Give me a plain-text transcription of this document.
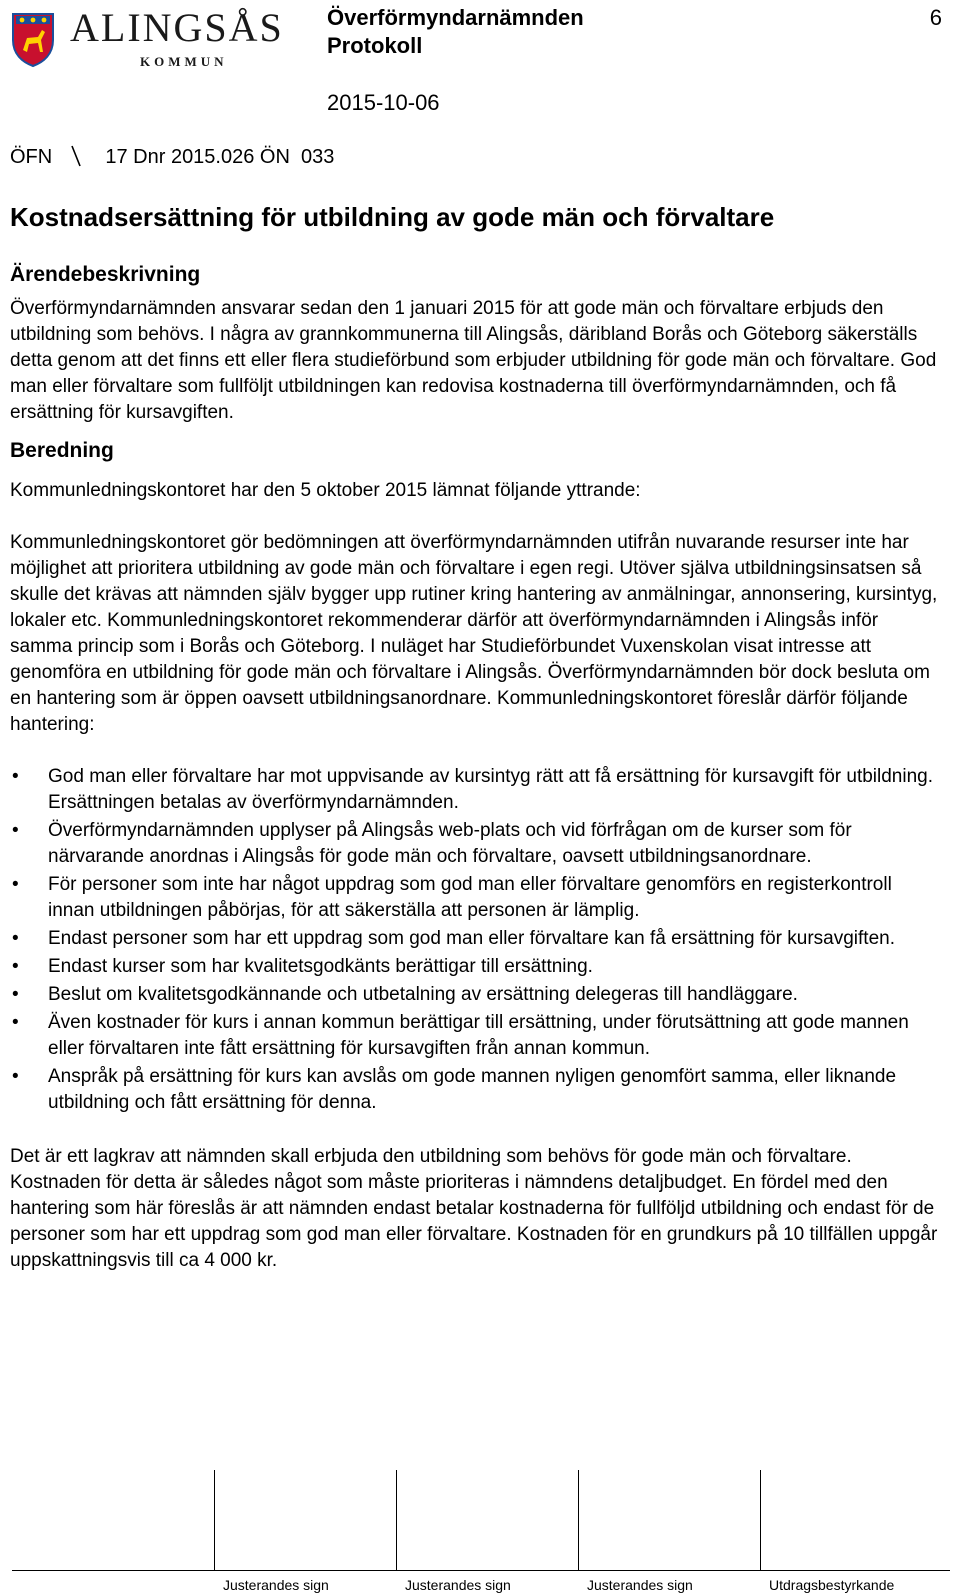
ALINGSÅS
KOMMUN
Överförmyndarnämnden
Protokoll
6
2015-10-06
ÖFN	17 Dnr 2015.026 ÖN  033
Kostnadsersättning för utbildning av gode män och förvaltare
Ärendebeskrivning

Överförmyndarnämnden ansvarar sedan den 1 januari 2015 för att gode män och förvaltare erbjuds den utbildning som behövs. I några av grannkommunerna till Alingsås, däribland Borås och Göteborg säkerställs detta genom att det finns ett eller flera studieförbund som erbjuder utbildning för gode män och förvaltare. God man eller förvaltare som fullföljt utbildningen kan redovisa kostnaderna till överförmyndarnämnden, och få ersättning för kursavgiften.

Beredning

Kommunledningskontoret har den 5 oktober 2015 lämnat följande yttrande:

Kommunledningskontoret gör bedömningen att överförmyndarnämnden utifrån nuvarande resurser inte har möjlighet att prioritera utbildning av gode män och förvaltare i egen regi. Utöver själva utbildningsinsatsen så skulle det krävas att nämnden själv bygger upp rutiner kring hantering av anmälningar, annonsering, kursintyg, lokaler etc. Kommunledningskontoret rekommenderar därför att överförmyndarnämnden i Alingsås inför samma princip som i Borås och Göteborg. I nuläget har Studieförbundet Vuxenskolan visat intresse att genomföra en utbildning för gode män och förvaltare i Alingsås. Överförmyndarnämnden bör dock besluta om en hantering som är öppen oavsett utbildningsanordnare. Kommunledningskontoret föreslår därför följande hantering:

• God man eller förvaltare har mot uppvisande av kursintyg rätt att få ersättning för kursavgift för utbildning. Ersättningen betalas av överförmyndarnämnden.
• Överförmyndarnämnden upplyser på Alingsås web-plats och vid förfrågan om de kurser som för närvarande anordnas i Alingsås för gode män och förvaltare, oavsett utbildningsanordnare.
• För personer som inte har något uppdrag som god man eller förvaltare genomförs en registerkontroll innan utbildningen påbörjas, för att säkerställa att personen är lämplig.
• Endast personer som har ett uppdrag som god man eller förvaltare kan få ersättning för kursavgiften.
• Endast kurser som har kvalitetsgodkänts berättigar till ersättning.
• Beslut om kvalitetsgodkännande och utbetalning av ersättning delegeras till handläggare.
• Även kostnader för kurs i annan kommun berättigar till ersättning, under förutsättning att gode mannen eller förvaltaren inte fått ersättning för kursavgiften från annan kommun.
• Anspråk på ersättning för kurs kan avslås om gode mannen nyligen genomfört samma, eller liknande utbildning och fått ersättning för denna.

Det är ett lagkrav att nämnden skall erbjuda den utbildning som behövs för gode män och förvaltare. Kostnaden för detta är således något som måste prioriteras i nämndens detaljbudget. En fördel med den hantering som här föreslås är att nämnden endast betalar kostnaderna för fullföljd utbildning och endast för de personer som har ett uppdrag som god man eller förvaltare. Kostnaden för en grundkurs på 10 tillfällen uppgår uppskattningsvis till ca 4 000 kr.

Justerandes sign	Justerandes sign	Justerandes sign	Utdragsbestyrkande
